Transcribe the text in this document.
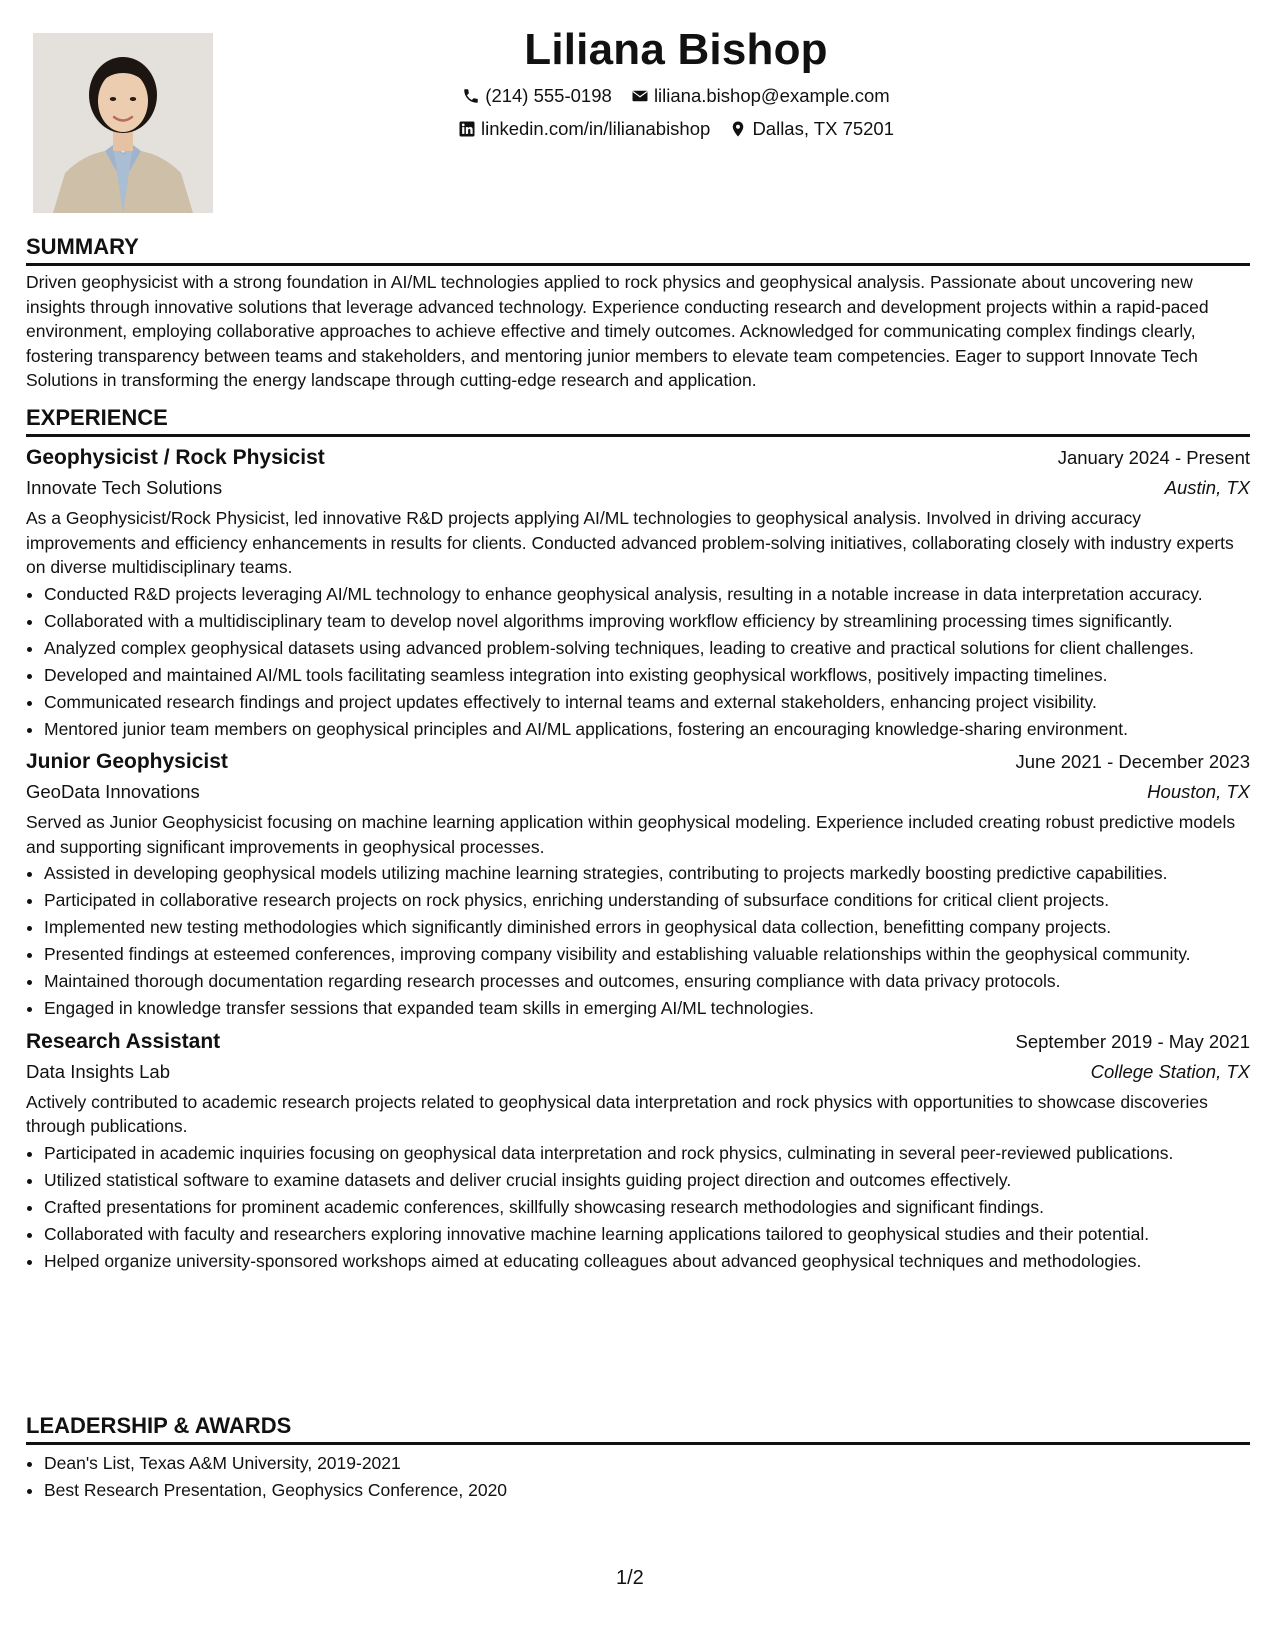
Liliana Bishop
(214) 555-0198
liliana.bishop@example.com
linkedin.com/in/lilianabishop
Dallas, TX 75201
SUMMARY

Driven geophysicist with a strong foundation in AI/ML technologies applied to rock physics and geophysical analysis. Passionate about uncovering new insights through innovative solutions that leverage advanced technology. Experience conducting research and development projects within a rapid-paced environment, employing collaborative approaches to achieve effective and timely outcomes. Acknowledged for communicating complex findings clearly, fostering transparency between teams and stakeholders, and mentoring junior members to elevate team competencies. Eager to support Innovate Tech Solutions in transforming the energy landscape through cutting-edge research and application.

EXPERIENCE
Geophysicist / Rock Physicist	January 2024 - Present
Innovate Tech Solutions	Austin, TX

As a Geophysicist/Rock Physicist, led innovative R&D projects applying AI/ML technologies to geophysical analysis. Involved in driving accuracy improvements and efficiency enhancements in results for clients. Conducted advanced problem-solving initiatives, collaborating closely with industry experts on diverse multidisciplinary teams.

• Conducted R&D projects leveraging AI/ML technology to enhance geophysical analysis, resulting in a notable increase in data interpretation accuracy.
• Collaborated with a multidisciplinary team to develop novel algorithms improving workflow efficiency by streamlining processing times significantly.
• Analyzed complex geophysical datasets using advanced problem-solving techniques, leading to creative and practical solutions for client challenges.
• Developed and maintained AI/ML tools facilitating seamless integration into existing geophysical workflows, positively impacting timelines.
• Communicated research findings and project updates effectively to internal teams and external stakeholders, enhancing project visibility.
• Mentored junior team members on geophysical principles and AI/ML applications, fostering an encouraging knowledge-sharing environment.
Junior Geophysicist	June 2021 - December 2023
GeoData Innovations	Houston, TX

Served as Junior Geophysicist focusing on machine learning application within geophysical modeling. Experience included creating robust predictive models and supporting significant improvements in geophysical processes.

• Assisted in developing geophysical models utilizing machine learning strategies, contributing to projects markedly boosting predictive capabilities.
• Participated in collaborative research projects on rock physics, enriching understanding of subsurface conditions for critical client projects.
• Implemented new testing methodologies which significantly diminished errors in geophysical data collection, benefitting company projects.
• Presented findings at esteemed conferences, improving company visibility and establishing valuable relationships within the geophysical community.
• Maintained thorough documentation regarding research processes and outcomes, ensuring compliance with data privacy protocols.
• Engaged in knowledge transfer sessions that expanded team skills in emerging AI/ML technologies.
Research Assistant	September 2019 - May 2021
Data Insights Lab	College Station, TX

Actively contributed to academic research projects related to geophysical data interpretation and rock physics with opportunities to showcase discoveries through publications.

• Participated in academic inquiries focusing on geophysical data interpretation and rock physics, culminating in several peer-reviewed publications.
• Utilized statistical software to examine datasets and deliver crucial insights guiding project direction and outcomes effectively.
• Crafted presentations for prominent academic conferences, skillfully showcasing research methodologies and significant findings.
• Collaborated with faculty and researchers exploring innovative machine learning applications tailored to geophysical studies and their potential.
• Helped organize university-sponsored workshops aimed at educating colleagues about advanced geophysical techniques and methodologies.
LEADERSHIP & AWARDS
• Dean's List, Texas A&M University, 2019-2021
• Best Research Presentation, Geophysics Conference, 2020
1/2
